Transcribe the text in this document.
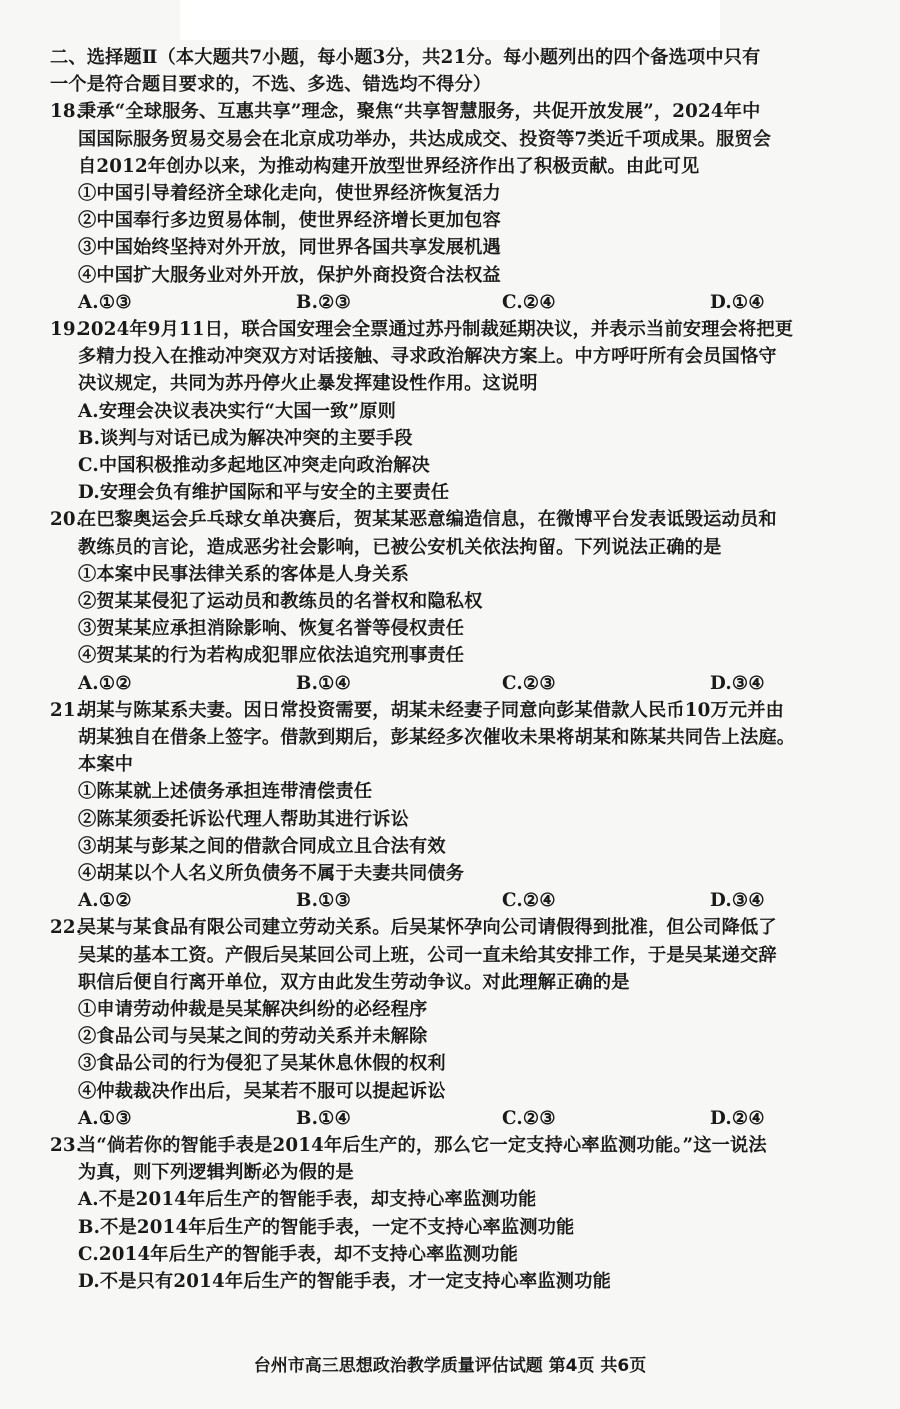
二、选择题Ⅱ（本大题共7小题，每小题3分，共21分。每小题列出的四个备选项中只有
一个是符合题目要求的，不选、多选、错选均不得分）
18.
秉承“全球服务、互惠共享”理念，聚焦“共享智慧服务，共促开放发展”，2024年中
国国际服务贸易交易会在北京成功举办，共达成成交、投资等7类近千项成果。服贸会
自2012年创办以来，为推动构建开放型世界经济作出了积极贡献。由此可见
①中国引导着经济全球化走向，使世界经济恢复活力
②中国奉行多边贸易体制，使世界经济增长更加包容
③中国始终坚持对外开放，同世界各国共享发展机遇
④中国扩大服务业对外开放，保护外商投资合法权益
A.①③	B.②③	C.②④	D.①④
19.
2024年9月11日，联合国安理会全票通过苏丹制裁延期决议，并表示当前安理会将把更
多精力投入在推动冲突双方对话接触、寻求政治解决方案上。中方呼吁所有会员国恪守
决议规定，共同为苏丹停火止暴发挥建设性作用。这说明
A.安理会决议表决实行“大国一致”原则
B.谈判与对话已成为解决冲突的主要手段
C.中国积极推动多起地区冲突走向政治解决
D.安理会负有维护国际和平与安全的主要责任
20.
在巴黎奥运会乒乓球女单决赛后，贺某某恶意编造信息，在微博平台发表诋毁运动员和
教练员的言论，造成恶劣社会影响，已被公安机关依法拘留。下列说法正确的是
①本案中民事法律关系的客体是人身关系
②贺某某侵犯了运动员和教练员的名誉权和隐私权
③贺某某应承担消除影响、恢复名誉等侵权责任
④贺某某的行为若构成犯罪应依法追究刑事责任
A.①②	B.①④	C.②③	D.③④
21.
胡某与陈某系夫妻。因日常投资需要，胡某未经妻子同意向彭某借款人民币10万元并由
胡某独自在借条上签字。借款到期后，彭某经多次催收未果将胡某和陈某共同告上法庭。
本案中
①陈某就上述债务承担连带清偿责任
②陈某须委托诉讼代理人帮助其进行诉讼
③胡某与彭某之间的借款合同成立且合法有效
④胡某以个人名义所负债务不属于夫妻共同债务
A.①②	B.①③	C.②④	D.③④
22.
吴某与某食品有限公司建立劳动关系。后吴某怀孕向公司请假得到批准，但公司降低了
吴某的基本工资。产假后吴某回公司上班，公司一直未给其安排工作，于是吴某递交辞
职信后便自行离开单位，双方由此发生劳动争议。对此理解正确的是
①申请劳动仲裁是吴某解决纠纷的必经程序
②食品公司与吴某之间的劳动关系并未解除
③食品公司的行为侵犯了吴某休息休假的权利
④仲裁裁决作出后，吴某若不服可以提起诉讼
A.①③	B.①④	C.②③	D.②④
23.
当“倘若你的智能手表是2014年后生产的，那么它一定支持心率监测功能。”这一说法
为真，则下列逻辑判断必为假的是
A.不是2014年后生产的智能手表，却支持心率监测功能
B.不是2014年后生产的智能手表，一定不支持心率监测功能
C.2014年后生产的智能手表，却不支持心率监测功能
D.不是只有2014年后生产的智能手表，才一定支持心率监测功能
台州市高三思想政治教学质量评估试题 第4页 共6页
